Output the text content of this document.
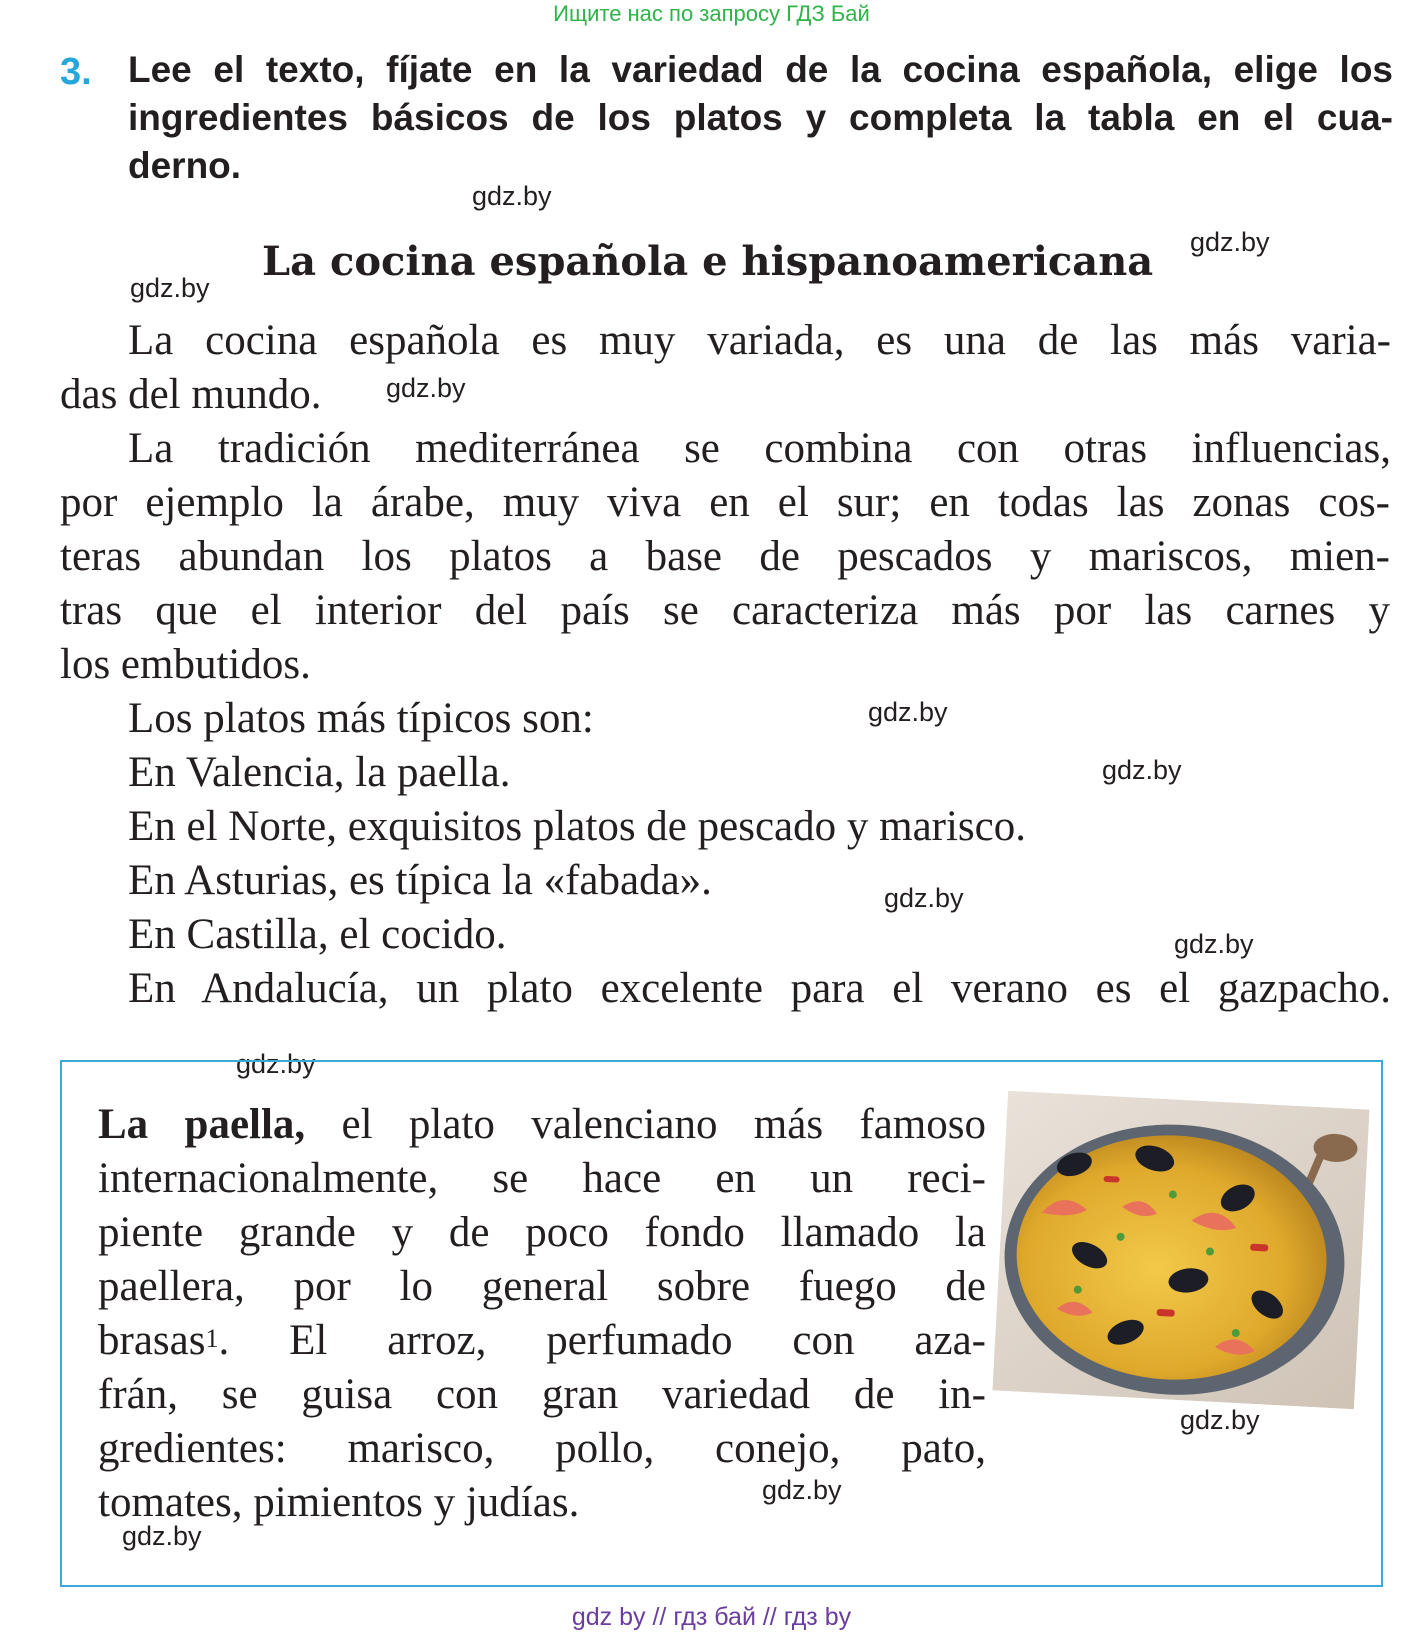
Ищите нас по запросу ГДЗ Бай
3. Lee el texto, fíjate en la variedad de la cocina española, elige los
ingredientes básicos de los platos y completa la tabla en el cua-
derno.
gdz.by
gdz.by
gdz.by
gdz.by
gdz.by
gdz.by
gdz.by
gdz.by
gdz.by
gdz.by
gdz.by
gdz.by
La cocina española e hispanoamericana
La cocina española es muy variada, es una de las más varia-
das del mundo.
La tradición mediterránea se combina con otras influencias,
por ejemplo la árabe, muy viva en el sur; en todas las zonas cos-
teras abundan los platos a base de pescados y mariscos, mien-
tras que el interior del país se caracteriza más por las carnes y
los embutidos.
Los platos más típicos son:
En Valencia, la paella.
En el Norte, exquisitos platos de pescado y marisco.
En Asturias, es típica la «fabada».
En Castilla, el cocido.
En Andalucía, un plato excelente para el verano es el gazpacho.
La paella, el plato valenciano más famoso
internacionalmente, se hace en un reci-
piente grande y de poco fondo llamado la
paellera, por lo general sobre fuego de
brasas$^1$. El arroz, perfumado con aza-
frán, se guisa con gran variedad de in-
gredientes: marisco, pollo, conejo, pato,
tomates, pimientos y judías.
gdz by // гдз бай // гдз by
